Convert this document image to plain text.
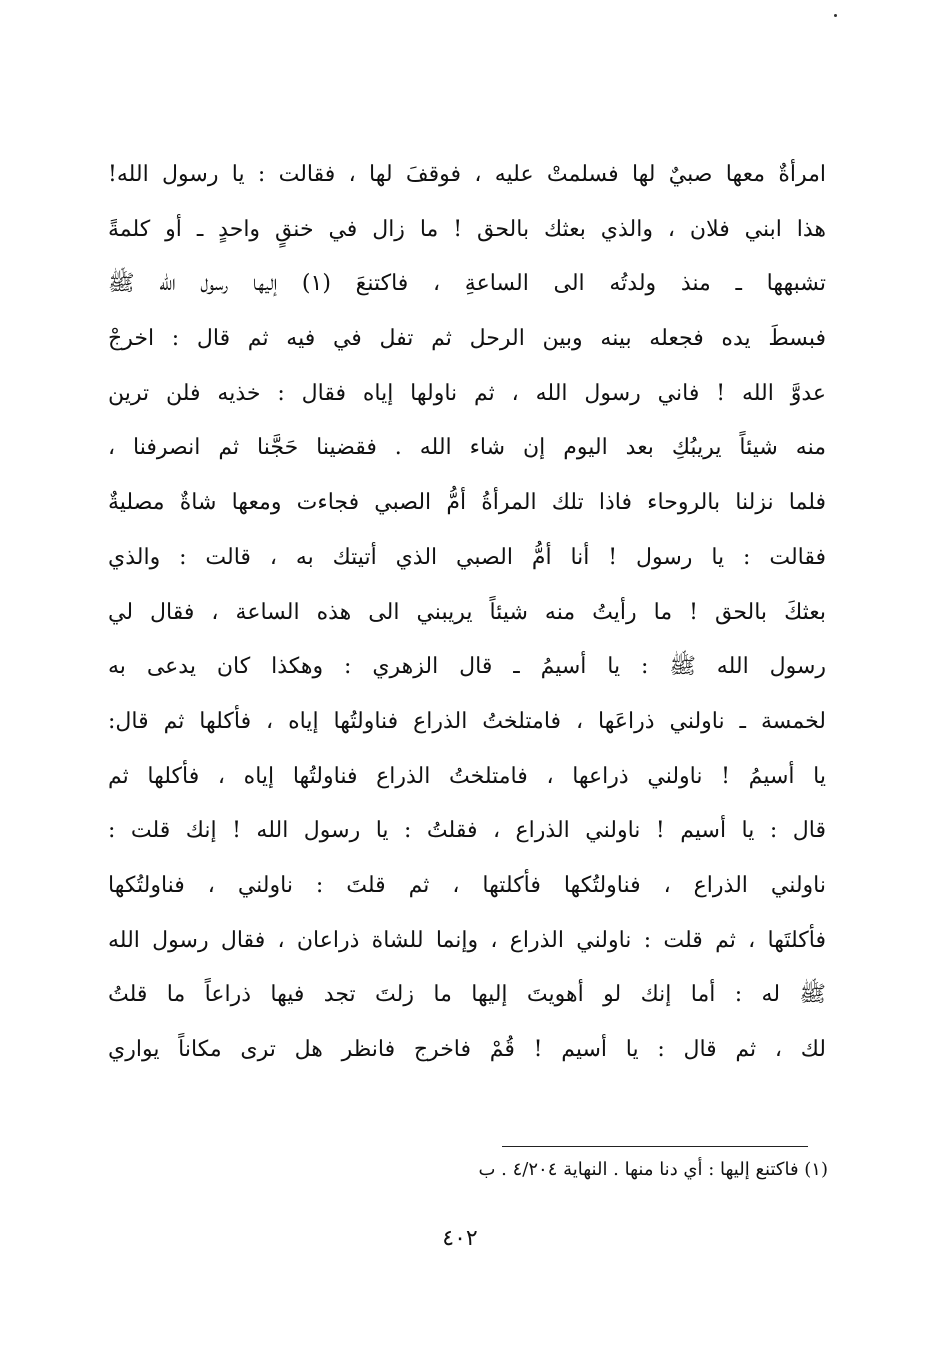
امرأةٌ معها صبيٌ لها فسلمتْ عليه ، فوقفَ لها ، فقالت : يا رسول الله!
هذا ابني فلان ، والذي بعثك بالحق ! ما زال في خنقٍ واحدٍ ـ أو كلمةً
تشبهها ـ منذ ولدتُه الى الساعةِ ، فاكتنعَ (١) إليها رسول الله ﷺ
فبسطَ يده فجعله بينه وبين الرحل ثم تفل في فيه ثم قال : اخرجْ
عدوَّ الله ! فاني رسول الله ، ثم ناولها إياه فقال : خذيه فلن ترين
منه شيئاً يريبُكِ بعد اليوم إن شاء الله . فقضينا حَجَّنا ثم انصرفنا ،
فلما نزلنا بالروحاء فاذا تلك المرأةُ أمُّ الصبي فجاءت ومعها شاةٌ مصليةٌ
فقالت : يا رسول ! أنا أمُّ الصبي الذي أتيتك به ، قالت : والذي
بعثكَ بالحق ! ما رأيتُ منه شيئاً يريبني الى هذه الساعة ، فقال لي
رسول الله ﷺ : يا أسيمُ ـ قال الزهري : وهكذا كان يدعى به
لخمسة ـ ناولني ذراعَها ، فامتلختُ الذراع فناولتُها إياه ، فأكلها ثم قال:
يا أسيمُ ! ناولني ذراعها ، فامتلختُ الذراع فناولتُها إياه ، فأكلها ثم
قال : يا أسيم ! ناولني الذراع ، فقلتُ : يا رسول الله ! إنك قلت :
ناولني الذراع ، فناولتُكها فأكلتها ، ثم قلتَ : ناولني ، فناولتُكها
فأكلتَها ، ثم قلت : ناولني الذراع ، وإنما للشاة ذراعان ، فقال رسول الله
ﷺ له : أما إنك لو أهويتَ إليها ما زلتَ تجد فيها ذراعاً ما قلتُ
لك ، ثم قال : يا أسيم ! قُمْ فاخرج فانظر هل ترى مكاناً يواري
(١) فاكتنع إليها : أي دنا منها . النهاية ٤/٢٠٤ . ب
٤٠٢
